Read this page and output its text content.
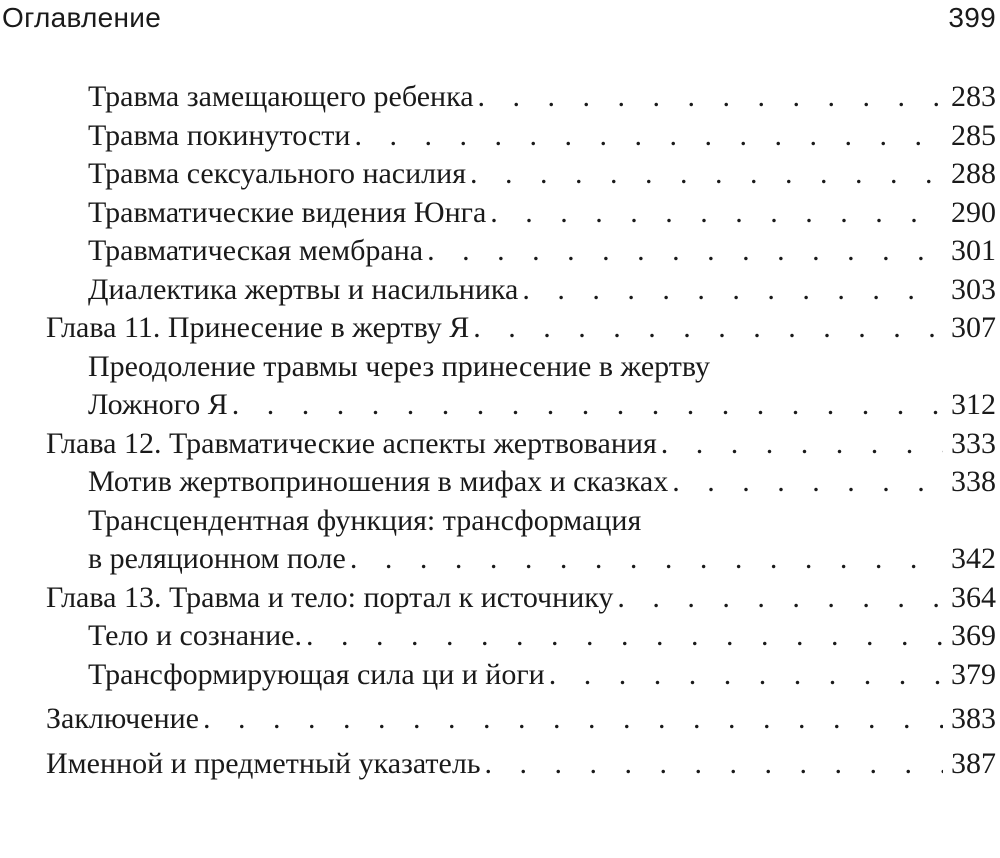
Оглавление	399
Травма замещающего ребенка . . .	283
Травма покинутости . . .	285
Травма сексуального насилия . . .	288
Травматические видения Юнга . . .	290
Травматическая мембрана . . .	301
Диалектика жертвы и насильника . . .	303
Глава 11. Принесение в жертву Я . . .	307
Преодоление травмы через принесение в жертву
Ложного Я . . .	312
Глава 12. Травматические аспекты жертвования . . .	333
Мотив жертвоприношения в мифах и сказках . . .	338
Трансцендентная функция: трансформация
в реляционном поле . . .	342
Глава 13. Травма и тело: портал к источнику . . .	364
Тело и сознание. . . .	369
Трансформирующая сила ци и йоги . . .	379
Заключение . . .	383
Именной и предметный указатель . . .	387
